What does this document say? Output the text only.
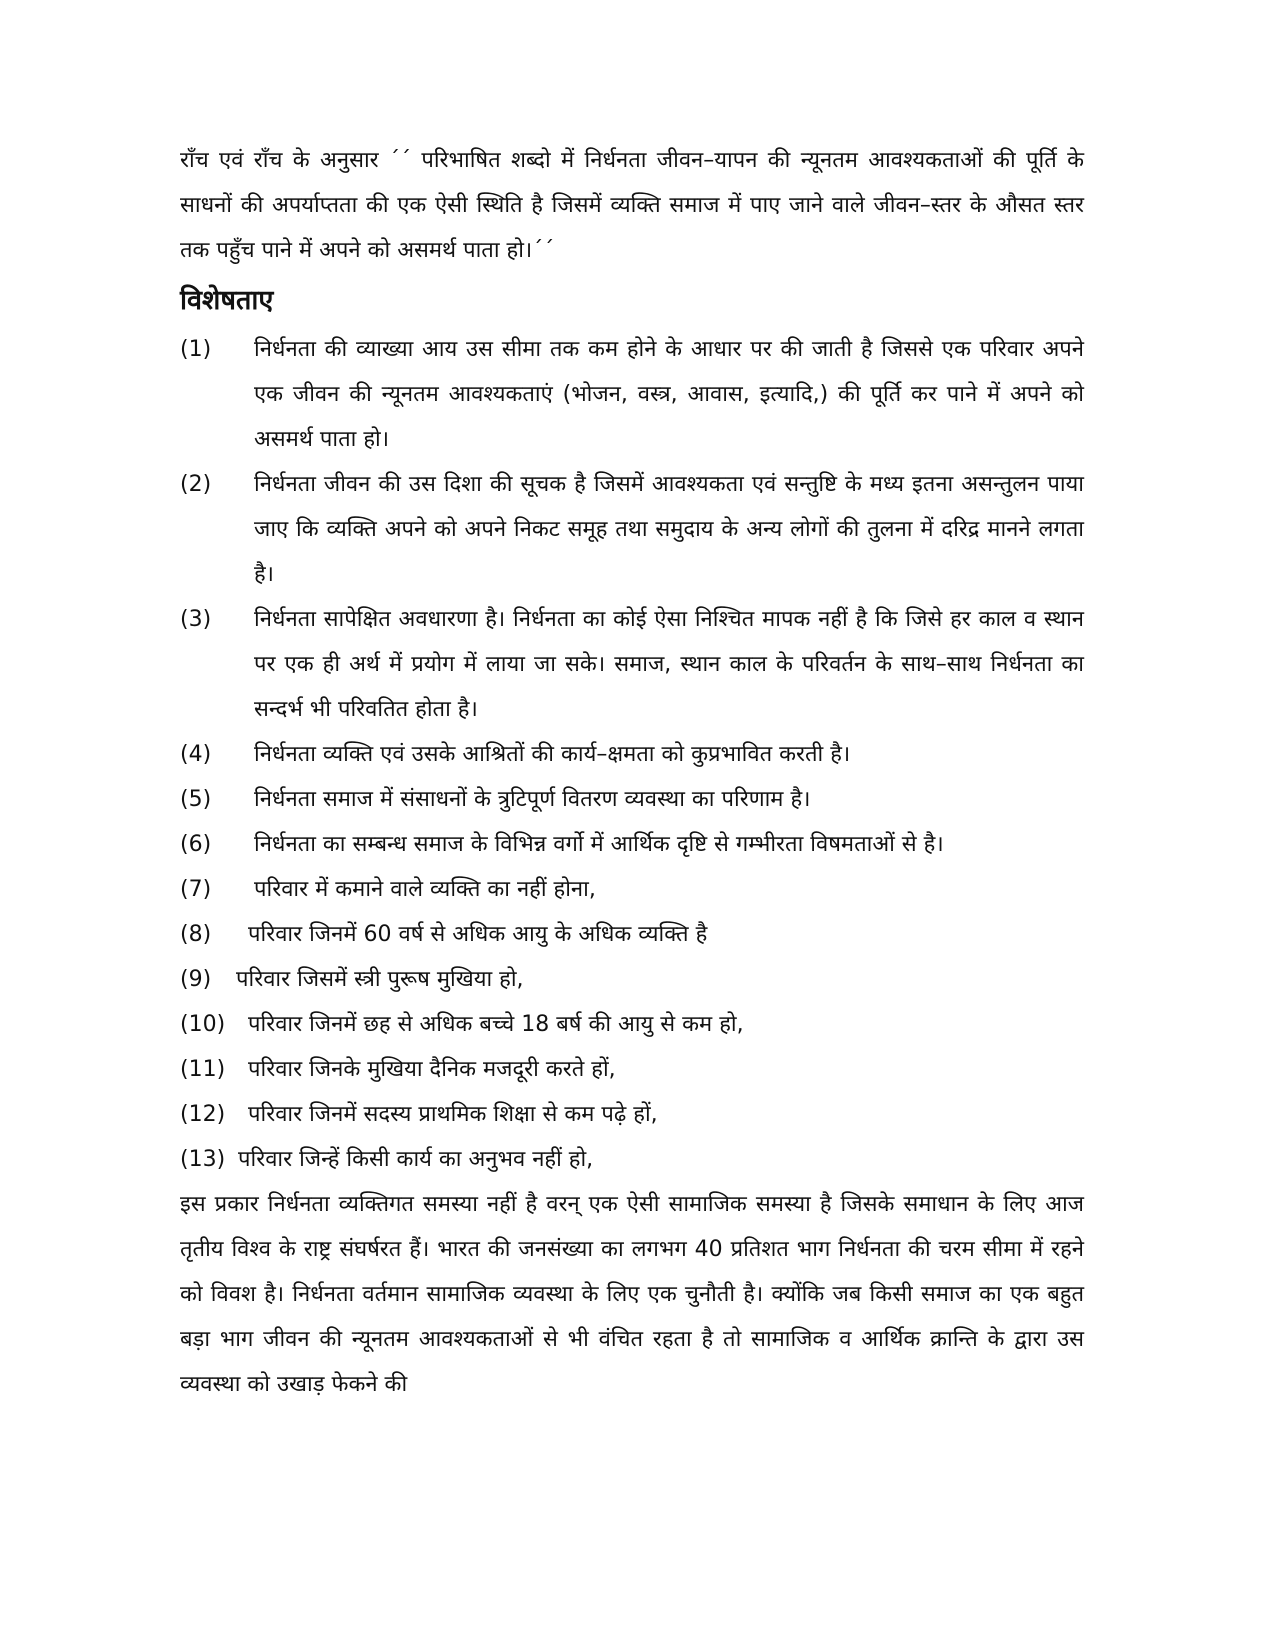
राँच एवं राँच के अनुसार ´´ परिभाषित शब्दो में निर्धनता जीवन–यापन की न्यूनतम आवश्यकताओं की पूर्ति के साधनों की अपर्याप्तता की एक ऐसी स्थिति है जिसमें व्यक्ति समाज में पाए जाने वाले जीवन–स्तर के औसत स्तर तक पहुँच पाने में अपने को असमर्थ पाता हो।´´

विशेषताए
(1) निर्धनता की व्याख्या आय उस सीमा तक कम होने के आधार पर की जाती है जिससे एक परिवार अपने एक जीवन की न्यूनतम आवश्यकताएं (भोजन, वस्त्र, आवास, इत्यादि,) की पूर्ति कर पाने में अपने को असमर्थ पाता हो।
(2) निर्धनता जीवन की उस दिशा की सूचक है जिसमें आवश्यकता एवं सन्तुष्टि के मध्य इतना असन्तुलन पाया जाए कि व्यक्ति अपने को अपने निकट समूह तथा समुदाय के अन्य लोगों की तुलना में दरिद्र मानने लगता है।
(3) निर्धनता सापेक्षित अवधारणा है। निर्धनता का कोई ऐसा निश्चित मापक नहीं है कि जिसे हर काल व स्थान पर एक ही अर्थ में प्रयोग में लाया जा सके। समाज, स्थान काल के परिवर्तन के साथ–साथ निर्धनता का सन्दर्भ भी परिवतित होता है।
(4) निर्धनता व्यक्ति एवं उसके आश्रितों की कार्य–क्षमता को कुप्रभावित करती है।
(5) निर्धनता समाज में संसाधनों के त्रुटिपूर्ण वितरण व्यवस्था का परिणाम है।
(6) निर्धनता का सम्बन्ध समाज के विभिन्न वर्गो में आर्थिक दृष्टि से गम्भीरता विषमताओं से है।
(7) परिवार में कमाने वाले व्यक्ति का नहीं होना,
(8) परिवार जिनमें 60 वर्ष से अधिक आयु के अधिक व्यक्ति है
(9) परिवार जिसमें स्त्री पुरूष मुखिया हो,
(10) परिवार जिनमें छह से अधिक बच्चे 18 बर्ष की आयु से कम हो,
(11) परिवार जिनके मुखिया दैनिक मजदूरी करते हों,
(12) परिवार जिनमें सदस्य प्राथमिक शिक्षा से कम पढ़े हों,
(13) परिवार जिन्हें किसी कार्य का अनुभव नहीं हो,

इस प्रकार निर्धनता व्यक्तिगत समस्या नहीं है वरन् एक ऐसी सामाजिक समस्या है जिसके समाधान के लिए आज तृतीय विश्व के राष्ट्र संघर्षरत हैं। भारत की जनसंख्या का लगभग 40 प्रतिशत भाग निर्धनता की चरम सीमा में रहने को विवश है। निर्धनता वर्तमान सामाजिक व्यवस्था के लिए एक चुनौती है। क्योंकि जब किसी समाज का एक बहुत बड़ा भाग जीवन की न्यूनतम आवश्यकताओं से भी वंचित रहता है तो सामाजिक व आर्थिक क्रान्ति के द्वारा उस व्यवस्था को उखाड़ फेकने की
